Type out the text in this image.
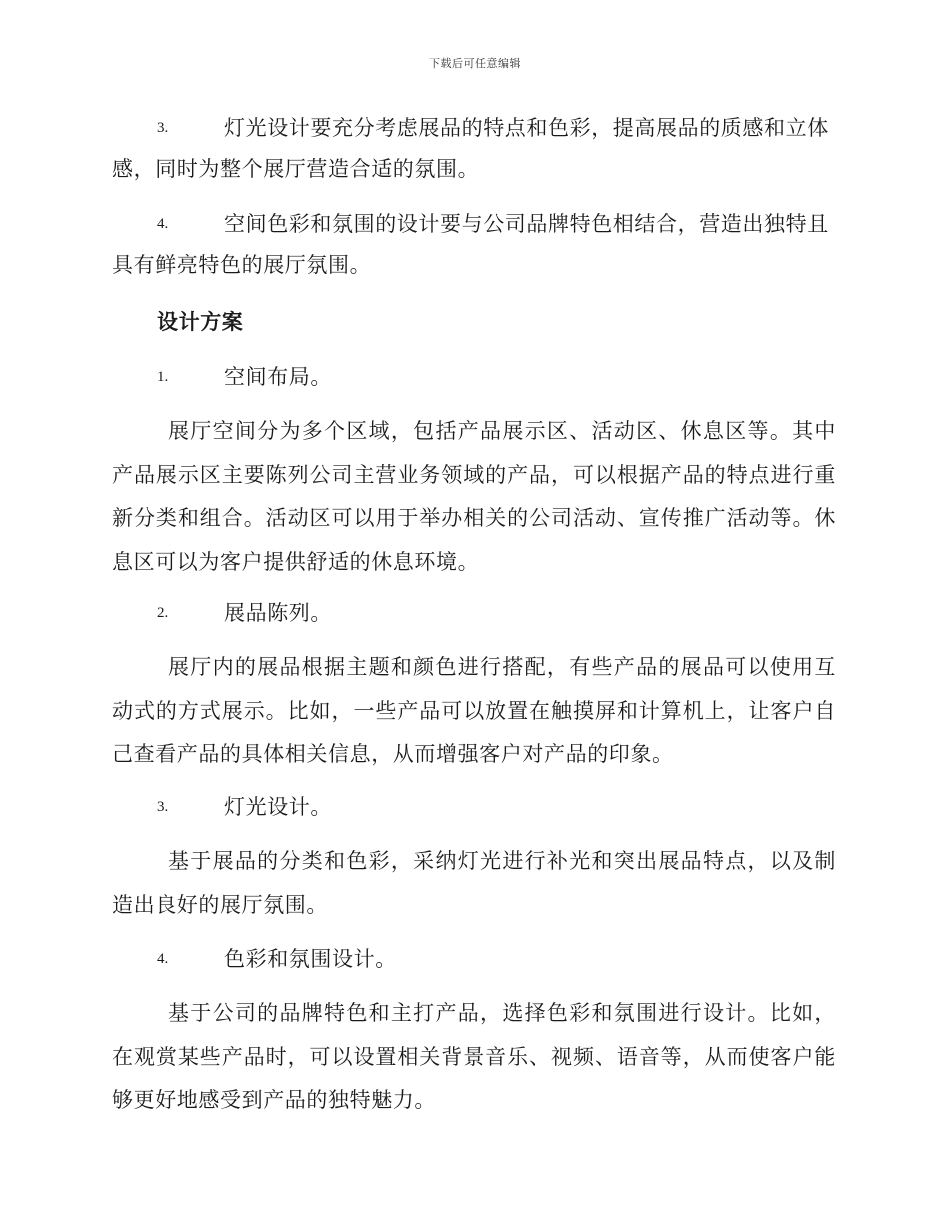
下载后可任意编辑
3.	灯光设计要充分考虑展品的特点和色彩，提高展品的质感和立体
感，同时为整个展厅营造合适的氛围。
4.	空间色彩和氛围的设计要与公司品牌特色相结合，营造出独特且
具有鲜亮特色的展厅氛围。
设计方案
1.	空间布局。
展厅空间分为多个区域，包括产品展示区、活动区、休息区等。其中产品展示区主要陈列公司主营业务领域的产品，可以根据产品的特点进行重新分类和组合。活动区可以用于举办相关的公司活动、宣传推广活动等。休息区可以为客户提供舒适的休息环境。
2.	展品陈列。
展厅内的展品根据主题和颜色进行搭配，有些产品的展品可以使用互动式的方式展示。比如，一些产品可以放置在触摸屏和计算机上，让客户自己查看产品的具体相关信息，从而增强客户对产品的印象。
3.	灯光设计。
基于展品的分类和色彩，采纳灯光进行补光和突出展品特点，以及制造出良好的展厅氛围。
4.	色彩和氛围设计。
基于公司的品牌特色和主打产品，选择色彩和氛围进行设计。比如，在观赏某些产品时，可以设置相关背景音乐、视频、语音等，从而使客户能够更好地感受到产品的独特魅力。
